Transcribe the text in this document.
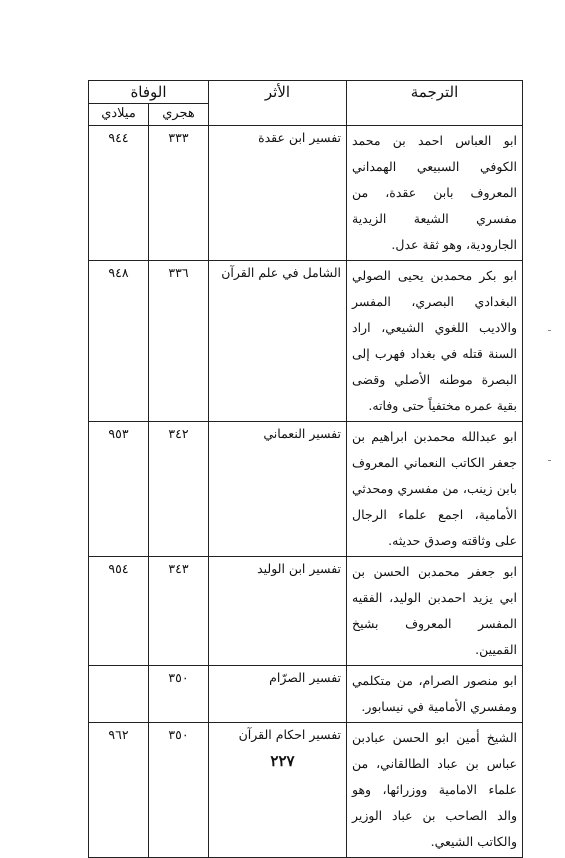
الترجمة	الأثر	الوفاة	
		هجري	ميلادي
ابو العباس احمد بن محمد الكوفي السبيعي الهمداني المعروف بابن عقدة، من مفسري الشيعة الزيدية الجارودية، وهو ثقة عدل.	تفسير ابن عقدة	٣٣٣	٩٤٤
ابو بكر محمدبن يحيى الصولي البغدادي البصري، المفسر والاديب اللغوي الشيعي، اراد السنة قتله في بغداد فهرب إلى البصرة موطنه الأصلي وقضى بقية عمره مختفياً حتى وفاته.	الشامل في علم القرآن	٣٣٦	٩٤٨
ابو عبدالله محمدبن ابراهيم بن جعفر الكاتب النعماني المعروف بابن زينب، من مفسري ومحدثي الأمامية، اجمع علماء الرجال على وثاقته وصدق حديثه.	تفسير النعماني	٣٤٢	٩٥٣
ابو جعفر محمدبن الحسن بن ابي يزيد احمدبن الوليد، الفقيه المفسر المعروف بشيخ القميين.	تفسير ابن الوليد	٣٤٣	٩٥٤
ابو منصور الصرام، من متكلمي ومفسري الأمامية في نيسابور.	تفسير الصرّام	٣٥٠	
الشيخ أمين ابو الحسن عبادبن عباس بن عباد الطالقاني، من علماء الامامية ووزرائها، وهو والد الصاحب بن عباد الوزير والكاتب الشيعي.	تفسير احكام القرآن	٣٥٠	٩٦٢
٢٢٧
